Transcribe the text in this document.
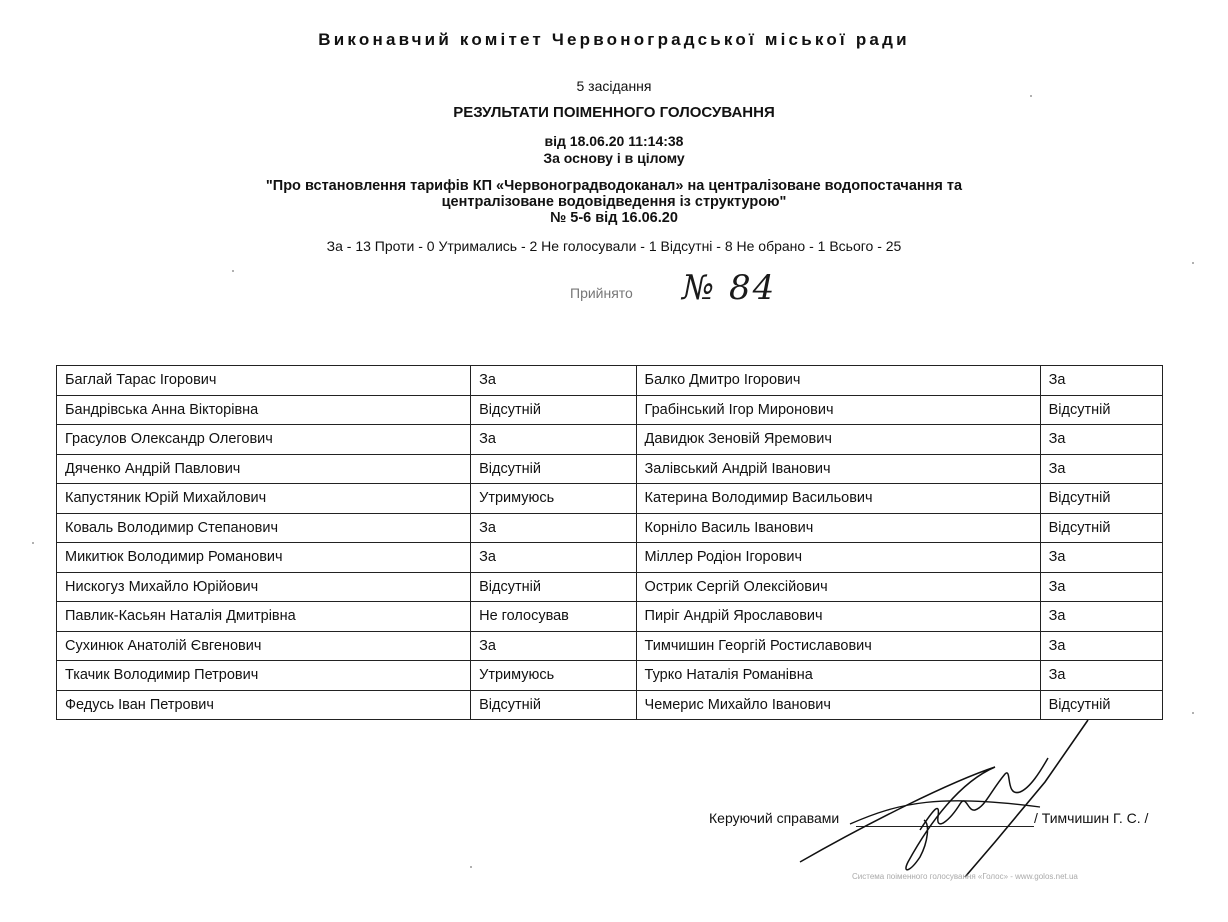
Виконавчий комітет Червоноградської міської ради
5 засідання
РЕЗУЛЬТАТИ ПОІМЕННОГО ГОЛОСУВАННЯ
від 18.06.20 11:14:38
За основу і в цілому
"Про встановлення тарифів КП «Червоноградводоканал» на централізоване водопостачання та
централізоване водовідведення із структурою"
№ 5-6 від 16.06.20
За - 13 Проти - 0 Утримались - 2 Не голосували - 1 Відсутні - 8 Не обрано - 1 Всього - 25
Прийнято № 84
Баглай Тарас Ігорович	За	Балко Дмитро Ігорович	За
Бандрівська Анна Вікторівна	Відсутній	Грабінський Ігор Миронович	Відсутній
Грасулов Олександр Олегович	За	Давидюк Зеновій Яремович	За
Дяченко Андрій Павлович	Відсутній	Залівський Андрій Іванович	За
Капустяник Юрій Михайлович	Утримуюсь	Катерина Володимир Васильович	Відсутній
Коваль Володимир Степанович	За	Корніло Василь Іванович	Відсутній
Микитюк Володимир Романович	За	Міллер Родіон Ігорович	За
Нискогуз Михайло Юрійович	Відсутній	Острик Сергій Олексійович	За
Павлик-Касьян Наталія Дмитрівна	Не голосував	Пиріг Андрій Ярославович	За
Сухинюк Анатолій Євгенович	За	Тимчишин Георгій Ростиславович	За
Ткачик Володимир Петрович	Утримуюсь	Турко Наталія Романівна	За
Федусь Іван Петрович	Відсутній	Чемерис Михайло Іванович	Відсутній
Керуючий справами	/ Тимчишин Г. С. /
Система поіменного голосування «Голос» - www.golos.net.ua
